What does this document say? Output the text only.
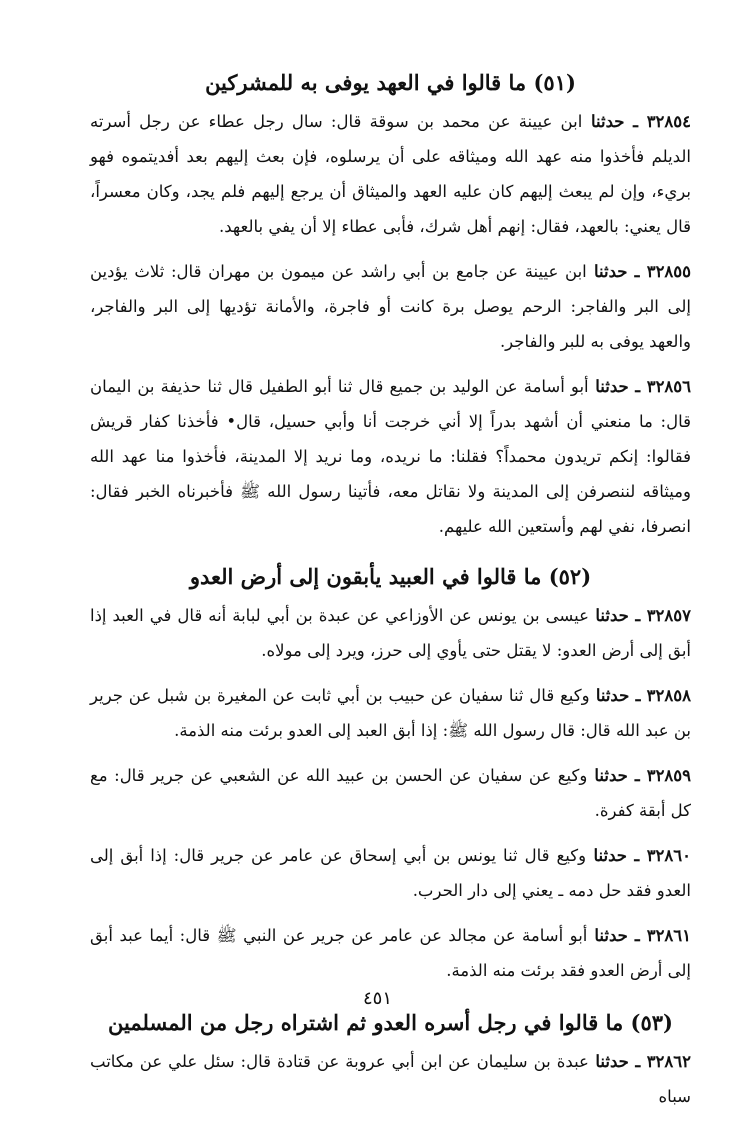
(٥١) ما قالوا في العهد يوفى به للمشركين

٣٢٨٥٤ ـ حدثنا ابن عيينة عن محمد بن سوقة قال: سال رجل عطاء عن رجل أسرته الديلم فأخذوا منه عهد الله وميثاقه على أن يرسلوه، فإن بعث إليهم بعد أفديتموه فهو بريء، وإن لم يبعث إليهم كان عليه العهد والميثاق أن يرجع إليهم فلم يجد، وكان معسراً، قال يعني: بالعهد، فقال: إنهم أهل شرك، فأبى عطاء إلا أن يفي بالعهد.

٣٢٨٥٥ ـ حدثنا ابن عيينة عن جامع بن أبي راشد عن ميمون بن مهران قال: ثلاث يؤدين إلى البر والفاجر: الرحم يوصل برة كانت أو فاجرة، والأمانة تؤديها إلى البر والفاجر، والعهد يوفى به للبر والفاجر.

٣٢٨٥٦ ـ حدثنا أبو أسامة عن الوليد بن جميع قال ثنا أبو الطفيل قال ثنا حذيفة بن اليمان قال: ما منعني أن أشهد بدراً إلا أني خرجت أنا وأبي حسيل، قال• فأخذنا كفار قريش فقالوا: إنكم تريدون محمداً؟ فقلنا: ما نريده، وما نريد إلا المدينة، فأخذوا منا عهد الله وميثاقه لننصرفن إلى المدينة ولا نقاتل معه، فأتينا رسول الله ﷺ فأخبرناه الخبر فقال: انصرفا، نفي لهم وأستعين الله عليهم.

(٥٢) ما قالوا في العبيد يأبقون إلى أرض العدو

٣٢٨٥٧ ـ حدثنا عيسى بن يونس عن الأوزاعي عن عبدة بن أبي لبابة أنه قال في العبد إذا أبق إلى أرض العدو: لا يقتل حتى يأوي إلى حرز، ويرد إلى مولاه.

٣٢٨٥٨ ـ حدثنا وكيع قال ثنا سفيان عن حبيب بن أبي ثابت عن المغيرة بن شبل عن جرير بن عبد الله قال: قال رسول الله ﷺ: إذا أبق العبد إلى العدو برئت منه الذمة.

٣٢٨٥٩ ـ حدثنا وكيع عن سفيان عن الحسن بن عبيد الله عن الشعبي عن جرير قال: مع كل أبقة كفرة.

٣٢٨٦٠ ـ حدثنا وكيع قال ثنا يونس بن أبي إسحاق عن عامر عن جرير قال: إذا أبق إلى العدو فقد حل دمه ـ يعني إلى دار الحرب.

٣٢٨٦١ ـ حدثنا أبو أسامة عن مجالد عن عامر عن جرير عن النبي ﷺ قال: أيما عبد أبق إلى أرض العدو فقد برئت منه الذمة.

(٥٣) ما قالوا في رجل أسره العدو ثم اشتراه رجل من المسلمين

٣٢٨٦٢ ـ حدثنا عبدة بن سليمان عن ابن أبي عروبة عن قتادة قال: سئل علي عن مكاتب سباه

٤٥١
